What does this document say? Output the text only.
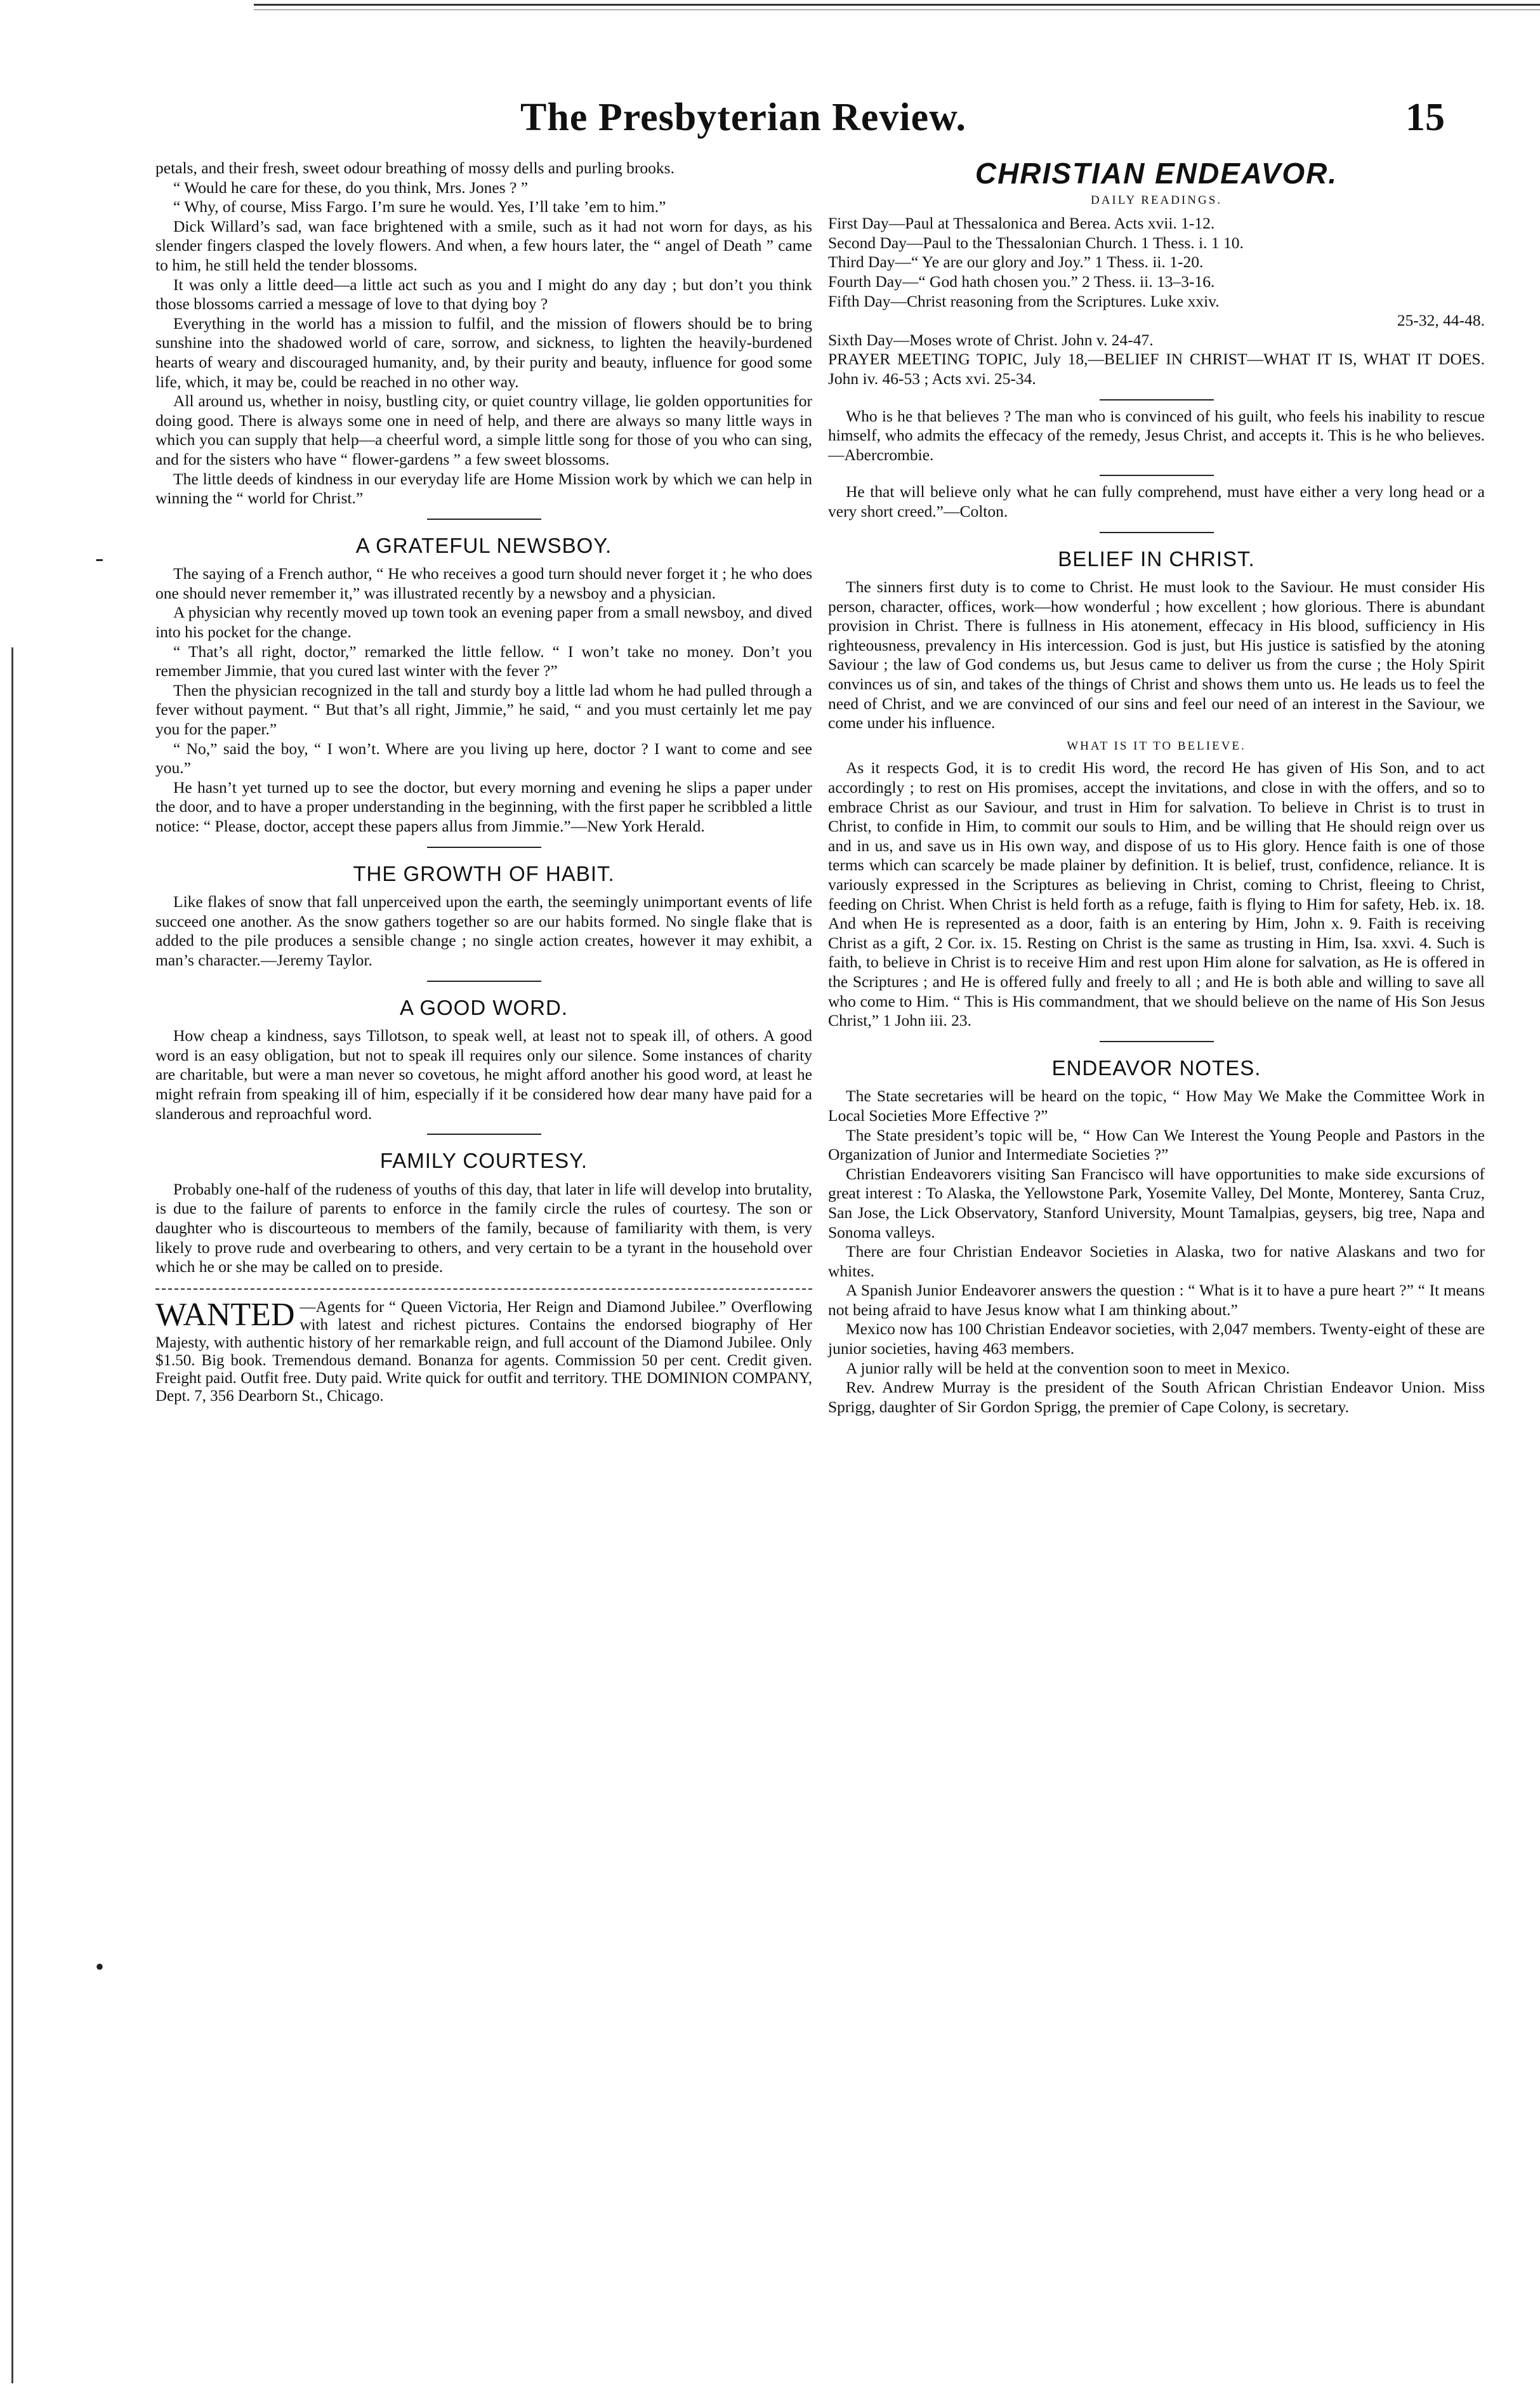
-
•
The Presbyterian Review.	15

petals, and their fresh, sweet odour breathing of mossy dells and purling brooks.

“ Would he care for these, do you think, Mrs. Jones ? ”

“ Why, of course, Miss Fargo. I’m sure he would. Yes, I’ll take ’em to him.”

Dick Willard’s sad, wan face brightened with a smile, such as it had not worn for days, as his slender fingers clasped the lovely flowers. And when, a few hours later, the “ angel of Death ” came to him, he still held the tender blossoms.

It was only a little deed—a little act such as you and I might do any day ; but don’t you think those blossoms carried a message of love to that dying boy ?

Everything in the world has a mission to fulfil, and the mission of flowers should be to bring sunshine into the shadowed world of care, sorrow, and sickness, to lighten the heavily-burdened hearts of weary and discouraged humanity, and, by their purity and beauty, influence for good some life, which, it may be, could be reached in no other way.

All around us, whether in noisy, bustling city, or quiet country village, lie golden opportunities for doing good. There is always some one in need of help, and there are always so many little ways in which you can supply that help—a cheerful word, a simple little song for those of you who can sing, and for the sisters who have “ flower-gardens ” a few sweet blossoms.

The little deeds of kindness in our everyday life are Home Mission work by which we can help in winning the “ world for Christ.”

A GRATEFUL NEWSBOY.

The saying of a French author, “ He who receives a good turn should never forget it ; he who does one should never remember it,” was illustrated recently by a newsboy and a physician.

A physician why recently moved up town took an evening paper from a small newsboy, and dived into his pocket for the change.

“ That’s all right, doctor,” remarked the little fellow. “ I won’t take no money. Don’t you remember Jimmie, that you cured last winter with the fever ?”

Then the physician recognized in the tall and sturdy boy a little lad whom he had pulled through a fever without payment. “ But that’s all right, Jimmie,” he said, “ and you must certainly let me pay you for the paper.”

“ No,” said the boy, “ I won’t. Where are you living up here, doctor ? I want to come and see you.”

He hasn’t yet turned up to see the doctor, but every morning and evening he slips a paper under the door, and to have a proper understanding in the beginning, with the first paper he scribbled a little notice: “ Please, doctor, accept these papers allus from Jimmie.”—New York Herald.

THE GROWTH OF HABIT.

Like flakes of snow that fall unperceived upon the earth, the seemingly unimportant events of life succeed one another. As the snow gathers together so are our habits formed. No single flake that is added to the pile produces a sensible change ; no single action creates, however it may exhibit, a man’s character.—Jeremy Taylor.

A GOOD WORD.

How cheap a kindness, says Tillotson, to speak well, at least not to speak ill, of others. A good word is an easy obligation, but not to speak ill requires only our silence. Some instances of charity are charitable, but were a man never so covetous, he might afford another his good word, at least he might refrain from speaking ill of him, especially if it be considered how dear many have paid for a slanderous and reproachful word.

FAMILY COURTESY.

Probably one-half of the rudeness of youths of this day, that later in life will develop into brutality, is due to the failure of parents to enforce in the family circle the rules of courtesy. The son or daughter who is discourteous to members of the family, because of familiarity with them, is very likely to prove rude and overbearing to others, and very certain to be a tyrant in the household over which he or she may be called on to preside.

WANTED —Agents for “ Queen Victoria, Her Reign and Diamond Jubilee.” Overflowing with latest and richest pictures. Contains the endorsed biography of Her Majesty, with authentic history of her remarkable reign, and full account of the Diamond Jubilee. Only $1.50. Big book. Tremendous demand. Bonanza for agents. Commission 50 per cent. Credit given. Freight paid. Outfit free. Duty paid. Write quick for outfit and territory. THE DOMINION COMPANY, Dept. 7, 356 Dearborn St., Chicago.
CHRISTIAN ENDEAVOR.
DAILY READINGS.

First Day—Paul at Thessalonica and Berea. Acts xvii. 1-12.

Second Day—Paul to the Thessalonian Church. 1 Thess. i. 1 10.

Third Day—“ Ye are our glory and Joy.” 1 Thess. ii. 1-20.

Fourth Day—“ God hath chosen you.” 2 Thess. ii. 13–3-16.

Fifth Day—Christ reasoning from the Scriptures. Luke xxiv.

25-32, 44-48.

Sixth Day—Moses wrote of Christ. John v. 24-47.

PRAYER MEETING TOPIC, July 18,—BELIEF IN CHRIST—WHAT IT IS, WHAT IT DOES. John iv. 46-53 ; Acts xvi. 25-34.

Who is he that believes ? The man who is convinced of his guilt, who feels his inability to rescue himself, who admits the effecacy of the remedy, Jesus Christ, and accepts it. This is he who believes.—Abercrombie.

He that will believe only what he can fully comprehend, must have either a very long head or a very short creed.”—Colton.

BELIEF IN CHRIST.

The sinners first duty is to come to Christ. He must look to the Saviour. He must consider His person, character, offices, work—how wonderful ; how excellent ; how glorious. There is abundant provision in Christ. There is fullness in His atonement, effecacy in His blood, sufficiency in His righteousness, prevalency in His intercession. God is just, but His justice is satisfied by the atoning Saviour ; the law of God condems us, but Jesus came to deliver us from the curse ; the Holy Spirit convinces us of sin, and takes of the things of Christ and shows them unto us. He leads us to feel the need of Christ, and we are convinced of our sins and feel our need of an interest in the Saviour, we come under his influence.

WHAT IS IT TO BELIEVE.

As it respects God, it is to credit His word, the record He has given of His Son, and to act accordingly ; to rest on His promises, accept the invitations, and close in with the offers, and so to embrace Christ as our Saviour, and trust in Him for salvation. To believe in Christ is to trust in Christ, to confide in Him, to commit our souls to Him, and be willing that He should reign over us and in us, and save us in His own way, and dispose of us to His glory. Hence faith is one of those terms which can scarcely be made plainer by definition. It is belief, trust, confidence, reliance. It is variously expressed in the Scriptures as believing in Christ, coming to Christ, fleeing to Christ, feeding on Christ. When Christ is held forth as a refuge, faith is flying to Him for safety, Heb. ix. 18. And when He is represented as a door, faith is an entering by Him, John x. 9. Faith is receiving Christ as a gift, 2 Cor. ix. 15. Resting on Christ is the same as trusting in Him, Isa. xxvi. 4. Such is faith, to believe in Christ is to receive Him and rest upon Him alone for salvation, as He is offered in the Scriptures ; and He is offered fully and freely to all ; and He is both able and willing to save all who come to Him. “ This is His commandment, that we should believe on the name of His Son Jesus Christ,” 1 John iii. 23.

ENDEAVOR NOTES.

The State secretaries will be heard on the topic, “ How May We Make the Committee Work in Local Societies More Effective ?”

The State president’s topic will be, “ How Can We Interest the Young People and Pastors in the Organization of Junior and Intermediate Societies ?”

Christian Endeavorers visiting San Francisco will have opportunities to make side excursions of great interest : To Alaska, the Yellowstone Park, Yosemite Valley, Del Monte, Monterey, Santa Cruz, San Jose, the Lick Observatory, Stanford University, Mount Tamalpias, geysers, big tree, Napa and Sonoma valleys.

There are four Christian Endeavor Societies in Alaska, two for native Alaskans and two for whites.

A Spanish Junior Endeavorer answers the question : “ What is it to have a pure heart ?” “ It means not being afraid to have Jesus know what I am thinking about.”

Mexico now has 100 Christian Endeavor societies, with 2,047 members. Twenty-eight of these are junior societies, having 463 members.

A junior rally will be held at the convention soon to meet in Mexico.

Rev. Andrew Murray is the president of the South African Christian Endeavor Union. Miss Sprigg, daughter of Sir Gordon Sprigg, the premier of Cape Colony, is secretary.
